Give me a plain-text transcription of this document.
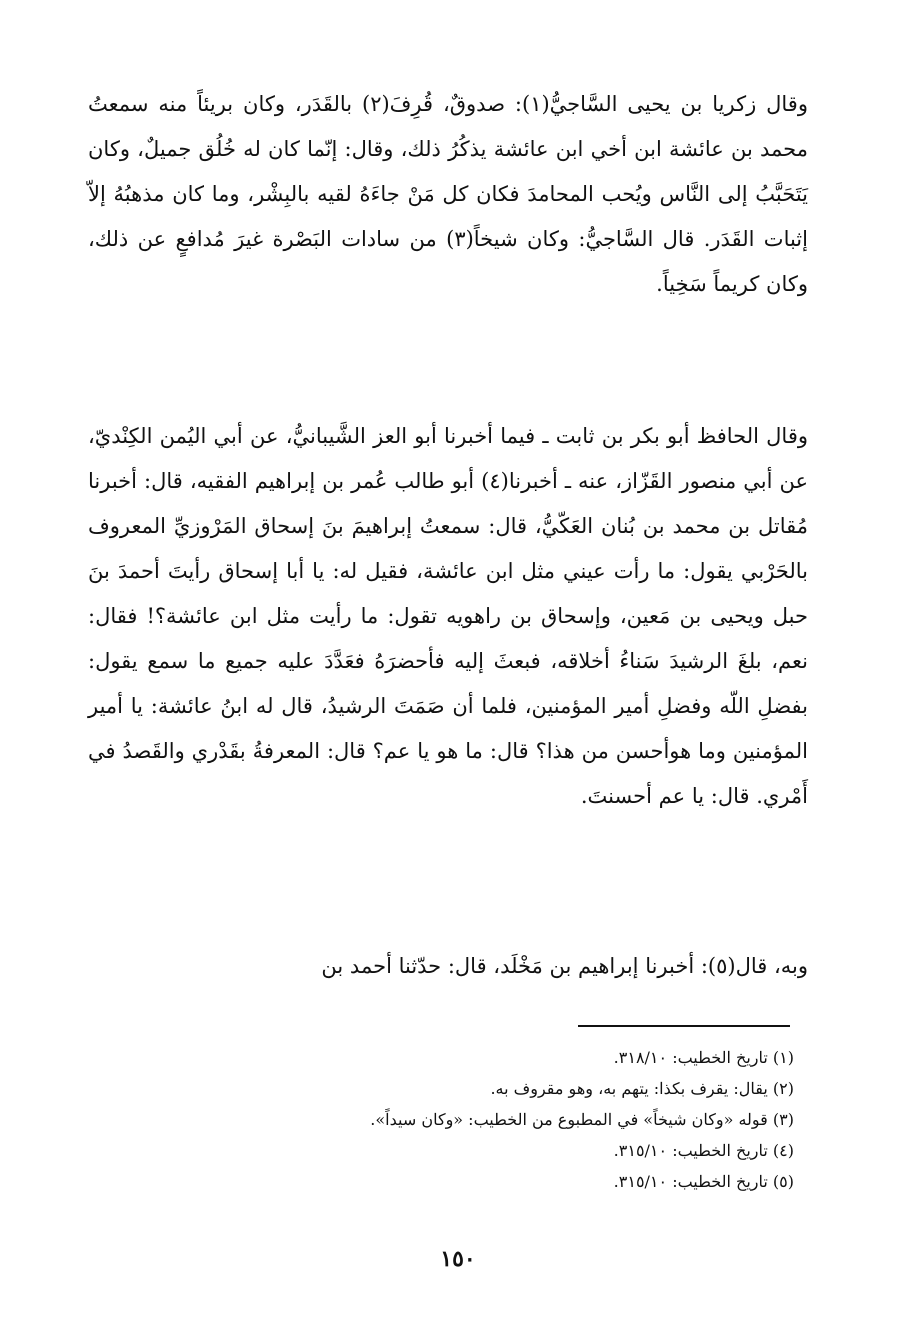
وقال زكريا بن يحيى السَّاجيُّ(١): صدوقٌ، قُرِفَ(٢) بالقَدَر، وكان بريئاً منه سمعتُ محمد بن عائشة ابن أخي ابن عائشة يذكُرُ ذلك، وقال: إنّما كان له خُلُق جميلٌ، وكان يَتَحَبَّبُ إلى النَّاس ويُحب المحامدَ فكان كل مَنْ جاءَهُ لقيه بالبِشْر، وما كان مذهبُهُ إلاّ إثبات القَدَر. قال السَّاجيُّ: وكان شيخاً(٣) من سادات البَصْرة غيرَ مُدافعٍ عن ذلك، وكان كريماً سَخِياً.

وقال الحافظ أبو بكر بن ثابت ـ فيما أخبرنا أبو العز الشَّيبانيُّ، عن أبي اليُمن الكِنْديّ، عن أبي منصور القَزّاز، عنه ـ أخبرنا(٤) أبو طالب عُمر بن إبراهيم الفقيه، قال: أخبرنا مُقاتل بن محمد بن بُنان العَكّيُّ، قال: سمعتُ إبراهيمَ بنَ إسحاق المَرْوزيِّ المعروف بالحَرْبي يقول: ما رأت عيني مثل ابن عائشة، فقيل له: يا أبا إسحاق رأيتَ أحمدَ بنَ حبل ويحيى بن مَعين، وإسحاق بن راهويه تقول: ما رأيت مثل ابن عائشة؟! فقال: نعم، بلغَ الرشيدَ سَناءُ أخلاقه، فبعثَ إليه فأحضرَهُ فعَدَّدَ عليه جميع ما سمع يقول: بفضلِ اللّه وفضلِ أمير المؤمنين، فلما أن صَمَتَ الرشيدُ، قال له ابنُ عائشة: يا أمير المؤمنين وما هوأحسن من هذا؟ قال: ما هو يا عم؟ قال: المعرفةُ بقَدْري والقَصدُ في أَمْري. قال: يا عم أحسنتَ.

وبه، قال(٥): أخبرنا إبراهيم بن مَخْلَد، قال: حدّثنا أحمد بن

(١) تاريخ الخطيب: ٣١٨/١٠.
(٢) يقال: يقرف بكذا: يتهم به، وهو مقروف به.
(٣) قوله «وكان شيخاً» في المطبوع من الخطيب: «وكان سيداً».
(٤) تاريخ الخطيب: ٣١٥/١٠.
(٥) تاريخ الخطيب: ٣١٥/١٠.
١٥٠
